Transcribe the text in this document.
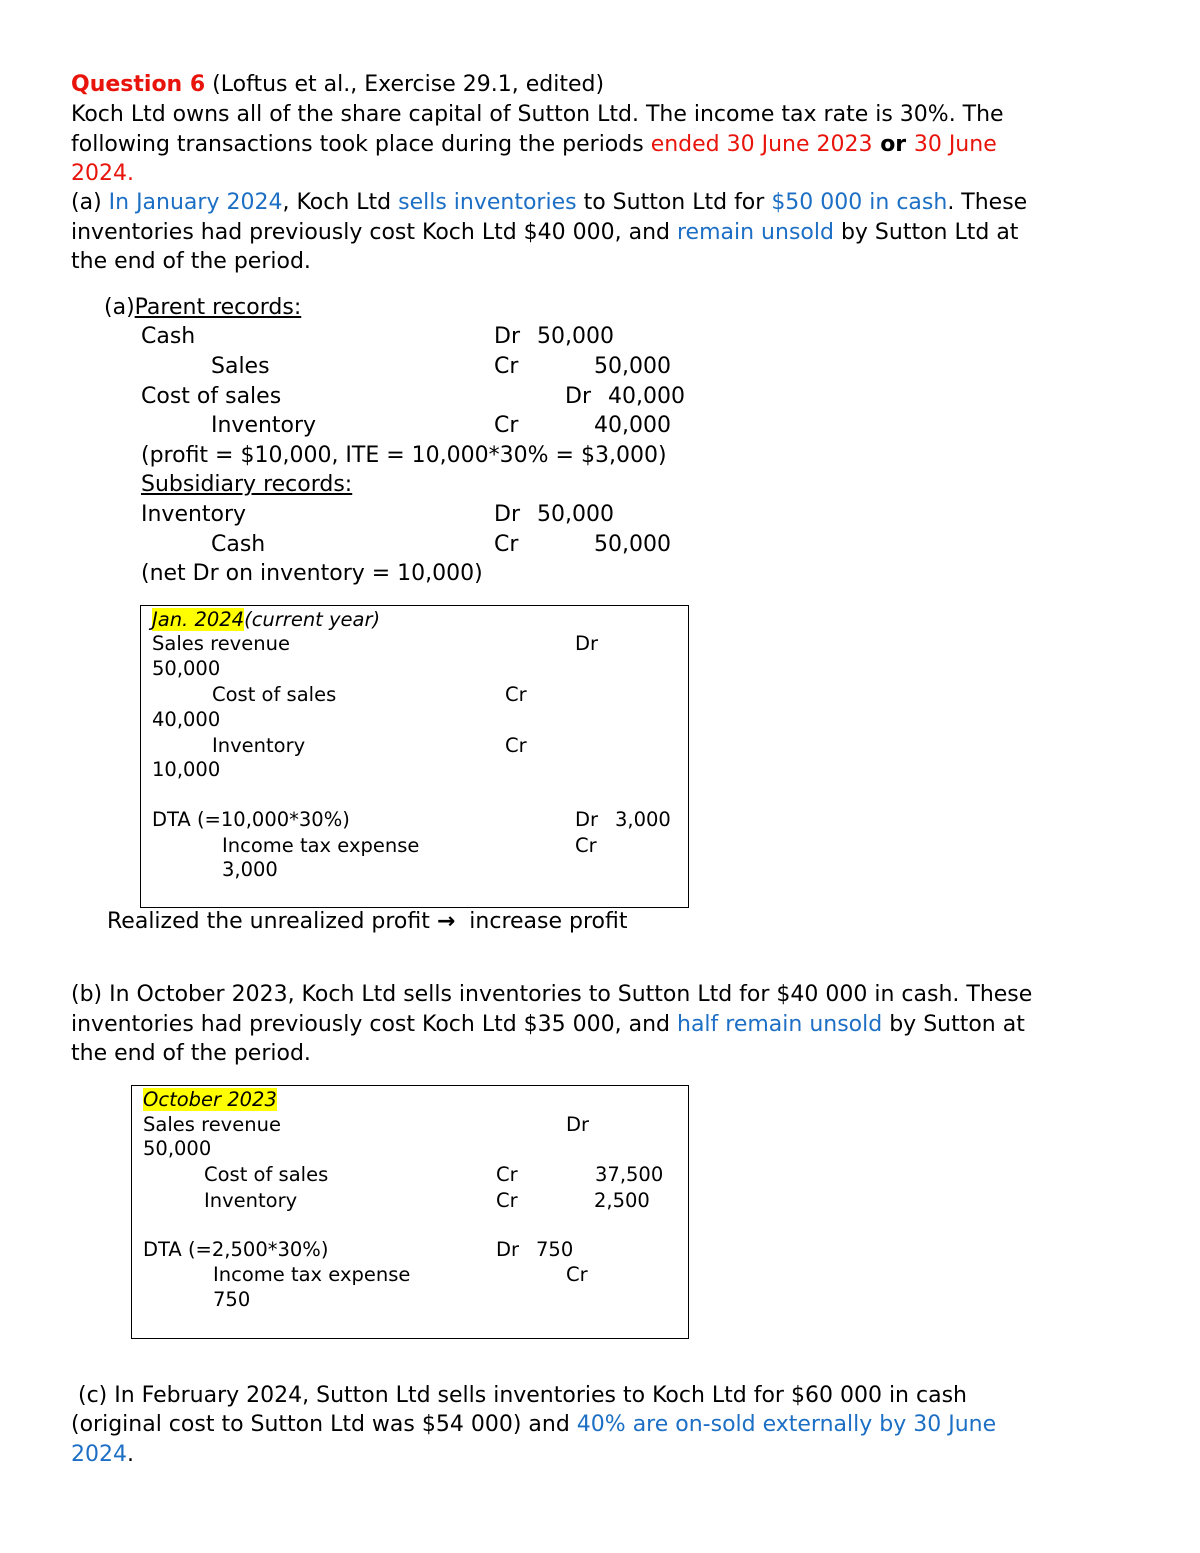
Question 6 (Loftus et al., Exercise 29.1, edited)
Koch Ltd owns all of the share capital of Sutton Ltd. The income tax rate is 30%. The
following transactions took place during the periods ended 30 June 2023 or 30 June
2024.
(a) In January 2024, Koch Ltd sells inventories to Sutton Ltd for $50 000 in cash. These
inventories had previously cost Koch Ltd $40 000, and remain unsold by Sutton Ltd at
the end of the period.
(a)Parent records:
Cash	Dr 50,000
Sales	Cr	50,000
Cost of sales	Dr 40,000
Inventory	Cr	40,000
(profit = $10,000, ITE = 10,000*30% = $3,000)
Subsidiary records:
Inventory	Dr 50,000
Cash	Cr	50,000
(net Dr on inventory = 10,000)
Jan. 2024(current year)
Sales revenue	Dr
50,000
Cost of sales	Cr
40,000
Inventory	Cr
10,000
DTA (=10,000*30%)	Dr 3,000
Income tax expense	Cr
3,000
Realized the unrealized profit →  increase profit
(b) In October 2023, Koch Ltd sells inventories to Sutton Ltd for $40 000 in cash. These
inventories had previously cost Koch Ltd $35 000, and half remain unsold by Sutton at
the end of the period.
October 2023
Sales revenue	Dr
50,000
Cost of sales	Cr	37,500
Inventory	Cr	2,500
DTA (=2,500*30%)	Dr 750
Income tax expense	Cr
750
(c) In February 2024, Sutton Ltd sells inventories to Koch Ltd for $60 000 in cash
(original cost to Sutton Ltd was $54 000) and 40% are on-sold externally by 30 June
2024.
